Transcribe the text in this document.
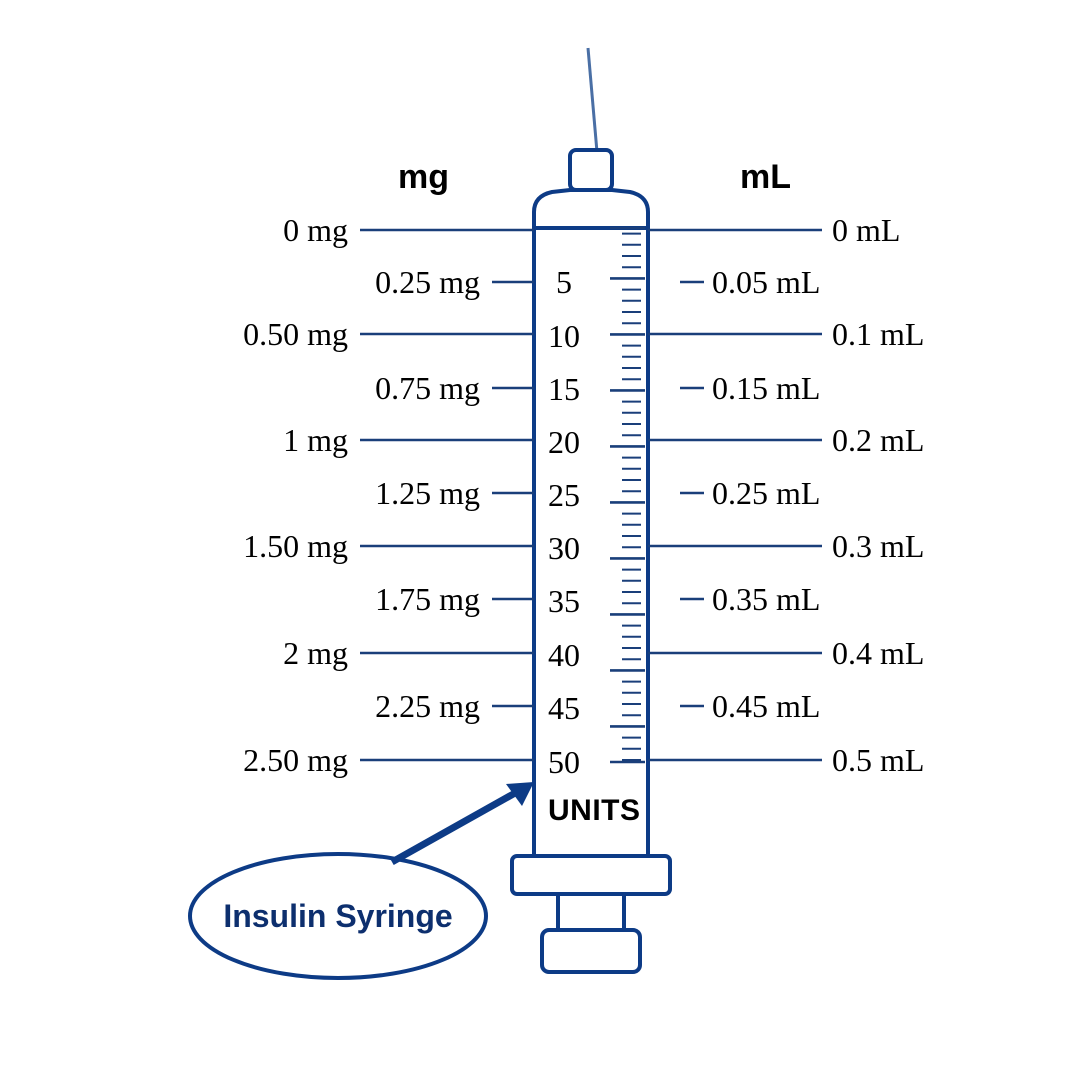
mg	mL
0 mg
0.25 mg
0.50 mg
0.75 mg
1 mg
1.25 mg
1.50 mg
1.75 mg
2 mg
2.25 mg
2.50 mg
5
10
15
20
25
30
35
40
45
50
UNITS
0 mL
0.05 mL
0.1 mL
0.15 mL
0.2 mL
0.25 mL
0.3 mL
0.35 mL
0.4 mL
0.45 mL
0.5 mL
Insulin Syringe
